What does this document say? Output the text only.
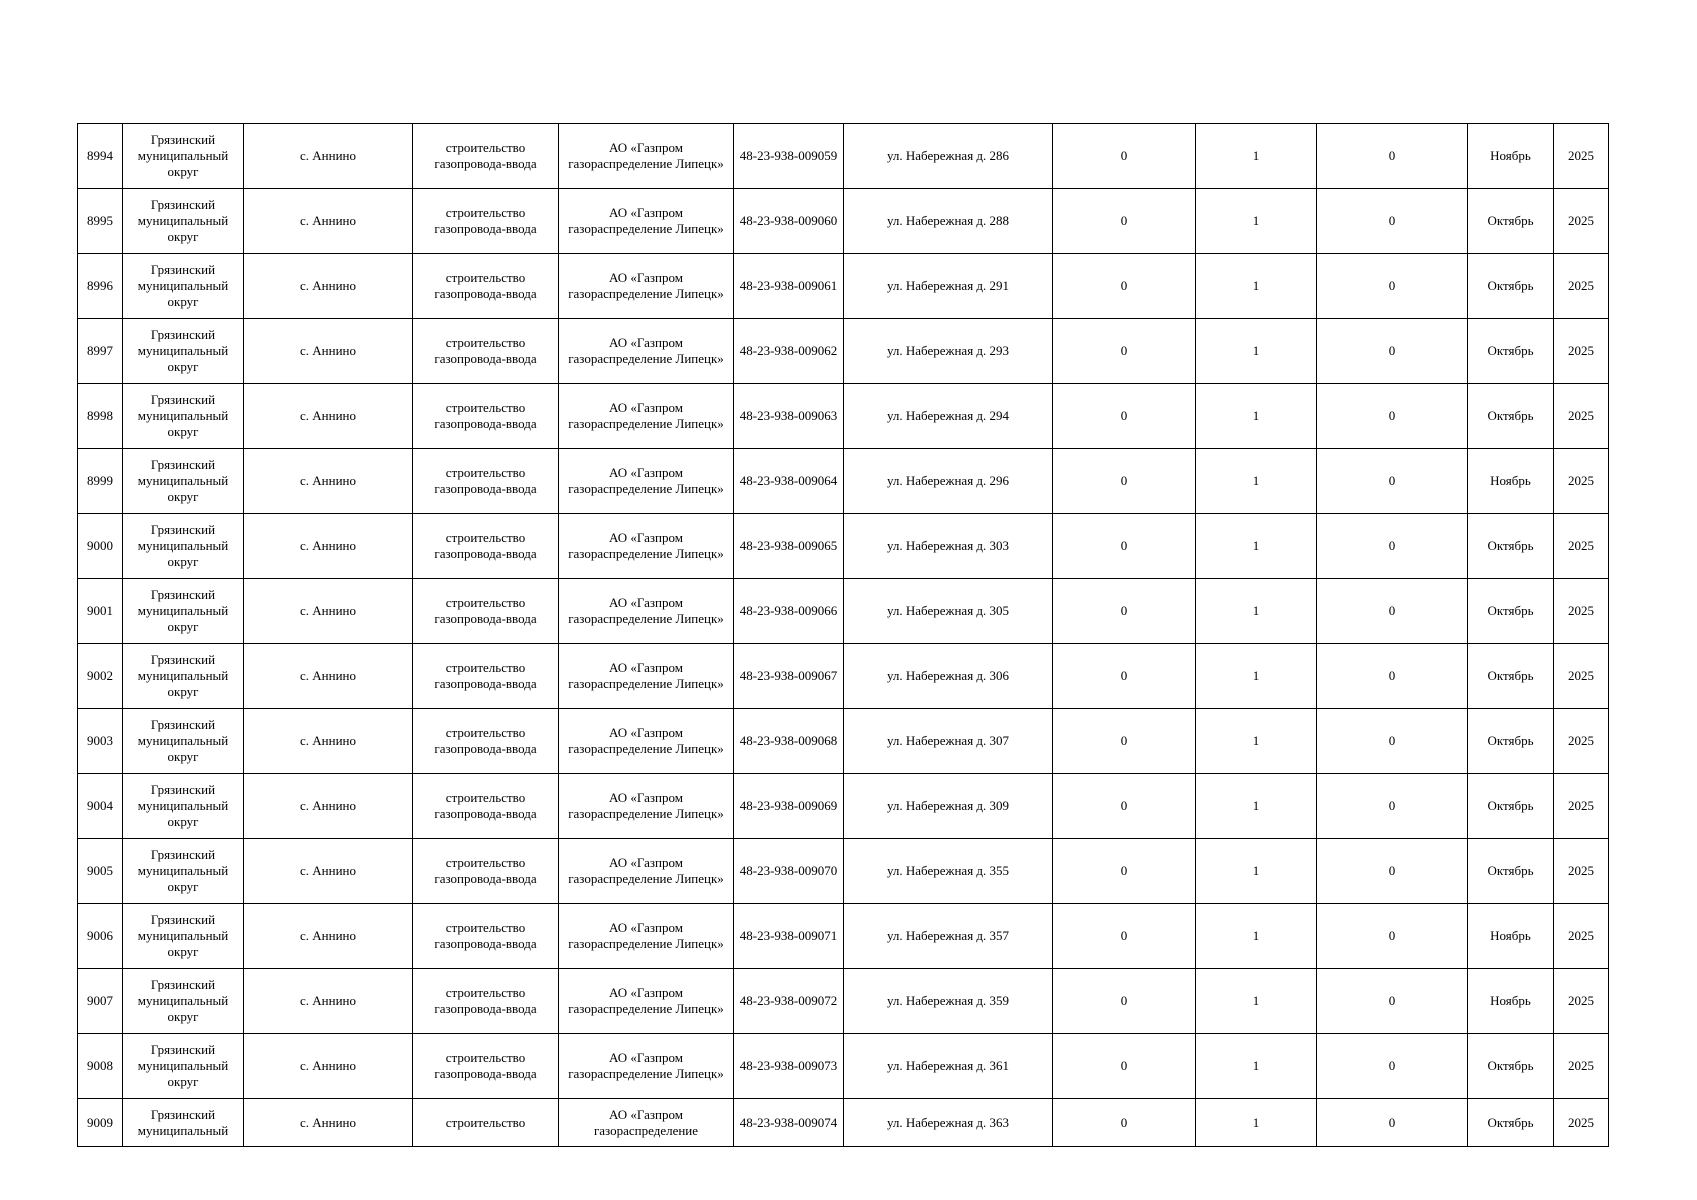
8994	Грязинский муниципальный округ	с. Аннино	строительство газопровода-ввода	АО «Газпром газораспределение Липецк»	48-23-938-009059	ул. Набережная д. 286	0	1	0	Ноябрь	2025
8995	Грязинский муниципальный округ	с. Аннино	строительство газопровода-ввода	АО «Газпром газораспределение Липецк»	48-23-938-009060	ул. Набережная д. 288	0	1	0	Октябрь	2025
8996	Грязинский муниципальный округ	с. Аннино	строительство газопровода-ввода	АО «Газпром газораспределение Липецк»	48-23-938-009061	ул. Набережная д. 291	0	1	0	Октябрь	2025
8997	Грязинский муниципальный округ	с. Аннино	строительство газопровода-ввода	АО «Газпром газораспределение Липецк»	48-23-938-009062	ул. Набережная д. 293	0	1	0	Октябрь	2025
8998	Грязинский муниципальный округ	с. Аннино	строительство газопровода-ввода	АО «Газпром газораспределение Липецк»	48-23-938-009063	ул. Набережная д. 294	0	1	0	Октябрь	2025
8999	Грязинский муниципальный округ	с. Аннино	строительство газопровода-ввода	АО «Газпром газораспределение Липецк»	48-23-938-009064	ул. Набережная д. 296	0	1	0	Ноябрь	2025
9000	Грязинский муниципальный округ	с. Аннино	строительство газопровода-ввода	АО «Газпром газораспределение Липецк»	48-23-938-009065	ул. Набережная д. 303	0	1	0	Октябрь	2025
9001	Грязинский муниципальный округ	с. Аннино	строительство газопровода-ввода	АО «Газпром газораспределение Липецк»	48-23-938-009066	ул. Набережная д. 305	0	1	0	Октябрь	2025
9002	Грязинский муниципальный округ	с. Аннино	строительство газопровода-ввода	АО «Газпром газораспределение Липецк»	48-23-938-009067	ул. Набережная д. 306	0	1	0	Октябрь	2025
9003	Грязинский муниципальный округ	с. Аннино	строительство газопровода-ввода	АО «Газпром газораспределение Липецк»	48-23-938-009068	ул. Набережная д. 307	0	1	0	Октябрь	2025
9004	Грязинский муниципальный округ	с. Аннино	строительство газопровода-ввода	АО «Газпром газораспределение Липецк»	48-23-938-009069	ул. Набережная д. 309	0	1	0	Октябрь	2025
9005	Грязинский муниципальный округ	с. Аннино	строительство газопровода-ввода	АО «Газпром газораспределение Липецк»	48-23-938-009070	ул. Набережная д. 355	0	1	0	Октябрь	2025
9006	Грязинский муниципальный округ	с. Аннино	строительство газопровода-ввода	АО «Газпром газораспределение Липецк»	48-23-938-009071	ул. Набережная д. 357	0	1	0	Ноябрь	2025
9007	Грязинский муниципальный округ	с. Аннино	строительство газопровода-ввода	АО «Газпром газораспределение Липецк»	48-23-938-009072	ул. Набережная д. 359	0	1	0	Ноябрь	2025
9008	Грязинский муниципальный округ	с. Аннино	строительство газопровода-ввода	АО «Газпром газораспределение Липецк»	48-23-938-009073	ул. Набережная д. 361	0	1	0	Октябрь	2025
9009	Грязинский муниципальный	с. Аннино	строительство	АО «Газпром газораспределение	48-23-938-009074	ул. Набережная д. 363	0	1	0	Октябрь	2025
